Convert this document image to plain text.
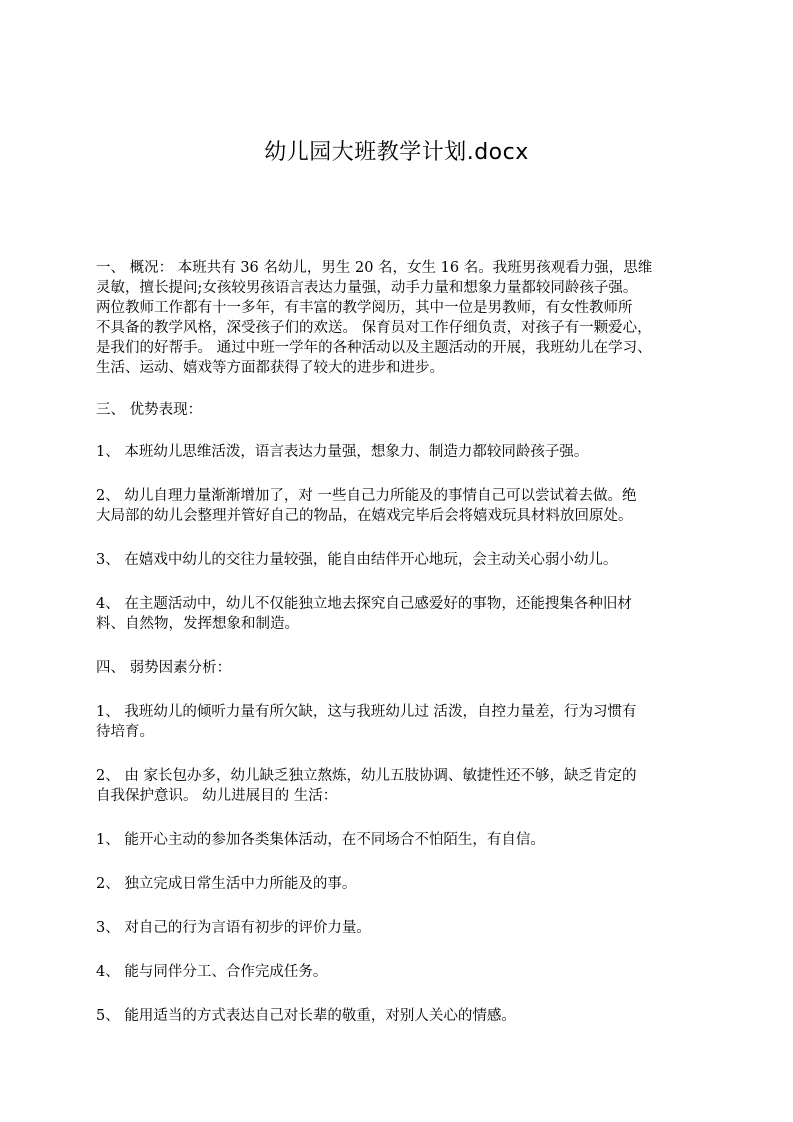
幼儿园大班教学计划.docx

一、 概况： 本班共有 36 名幼儿，男生 20 名，女生 16 名。我班男孩观看力强，思维
灵敏，擅长提问;女孩较男孩语言表达力量强，动手力量和想象力量都较同龄孩子强。
两位教师工作都有十一多年，有丰富的教学阅历，其中一位是男教师，有女性教师所
不具备的教学风格，深受孩子们的欢送。 保育员对工作仔细负责，对孩子有一颗爱心，
是我们的好帮手。 通过中班一学年的各种活动以及主题活动的开展，我班幼儿在学习、
生活、运动、嬉戏等方面都获得了较大的进步和进步。

三、 优势表现：

1、 本班幼儿思维活泼，语言表达力量强，想象力、制造力都较同龄孩子强。

2、 幼儿自理力量渐渐增加了，对 一些自己力所能及的事情自己可以尝试着去做。绝
大局部的幼儿会整理并管好自己的物品，在嬉戏完毕后会将嬉戏玩具材料放回原处。

3、 在嬉戏中幼儿的交往力量较强，能自由结伴开心地玩，会主动关心弱小幼儿。

4、 在主题活动中，幼儿不仅能独立地去探究自己感爱好的事物，还能搜集各种旧材
料、自然物，发挥想象和制造。

四、 弱势因素分析：

1、 我班幼儿的倾听力量有所欠缺，这与我班幼儿过 活泼，自控力量差，行为习惯有
待培育。

2、 由 家长包办多，幼儿缺乏独立熬炼，幼儿五肢协调、敏捷性还不够，缺乏肯定的
自我保护意识。 幼儿进展目的 生活：

1、 能开心主动的参加各类集体活动，在不同场合不怕陌生，有自信。

2、 独立完成日常生活中力所能及的事。

3、 对自己的行为言语有初步的评价力量。

4、 能与同伴分工、合作完成任务。

5、 能用适当的方式表达自己对长辈的敬重，对别人关心的情感。
